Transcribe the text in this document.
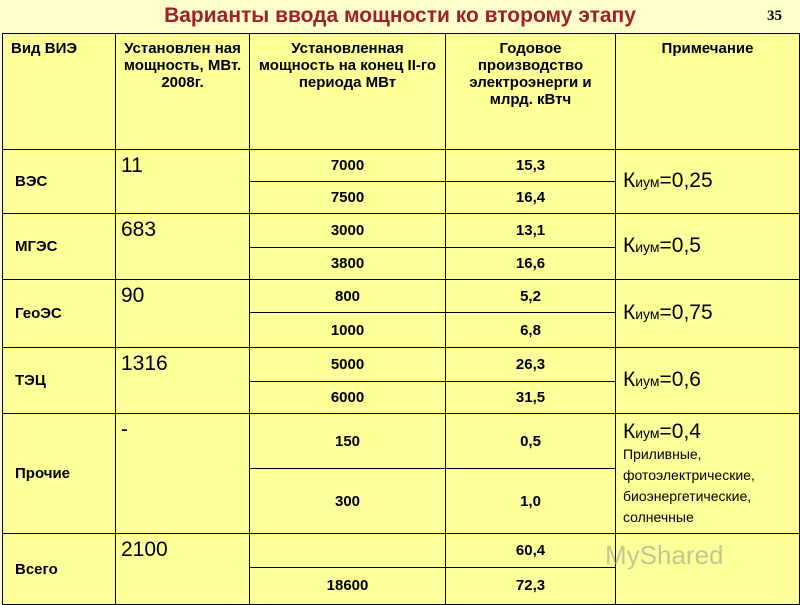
Варианты ввода мощности ко второму этапу	35
Вид ВИЭ	Установлен ная мощность, МВт. 2008г.	Установленная мощность на конец II-го периода МВт	Годовое производство электроэнерги и млрд. кВтч	Примечание
ВЭС	11	7000	15,3	Киум=0,25

		7500	16,4	
МГЭС	683	3000	13,1	Киум=0,5

		3800	16,6	
ГеоЭС	90	800	5,2	Киум=0,75

		1000	6,8	
ТЭЦ	1316	5000	26,3	Киум=0,6

		6000	31,5	
Прочие	-	150	0,5	Киум=0,4
Приливные, фотоэлектрические, биоэнергетические, солнечные

		300	1,0	
Всего	2100		60,4	

		18600	72,3	
MyShared
